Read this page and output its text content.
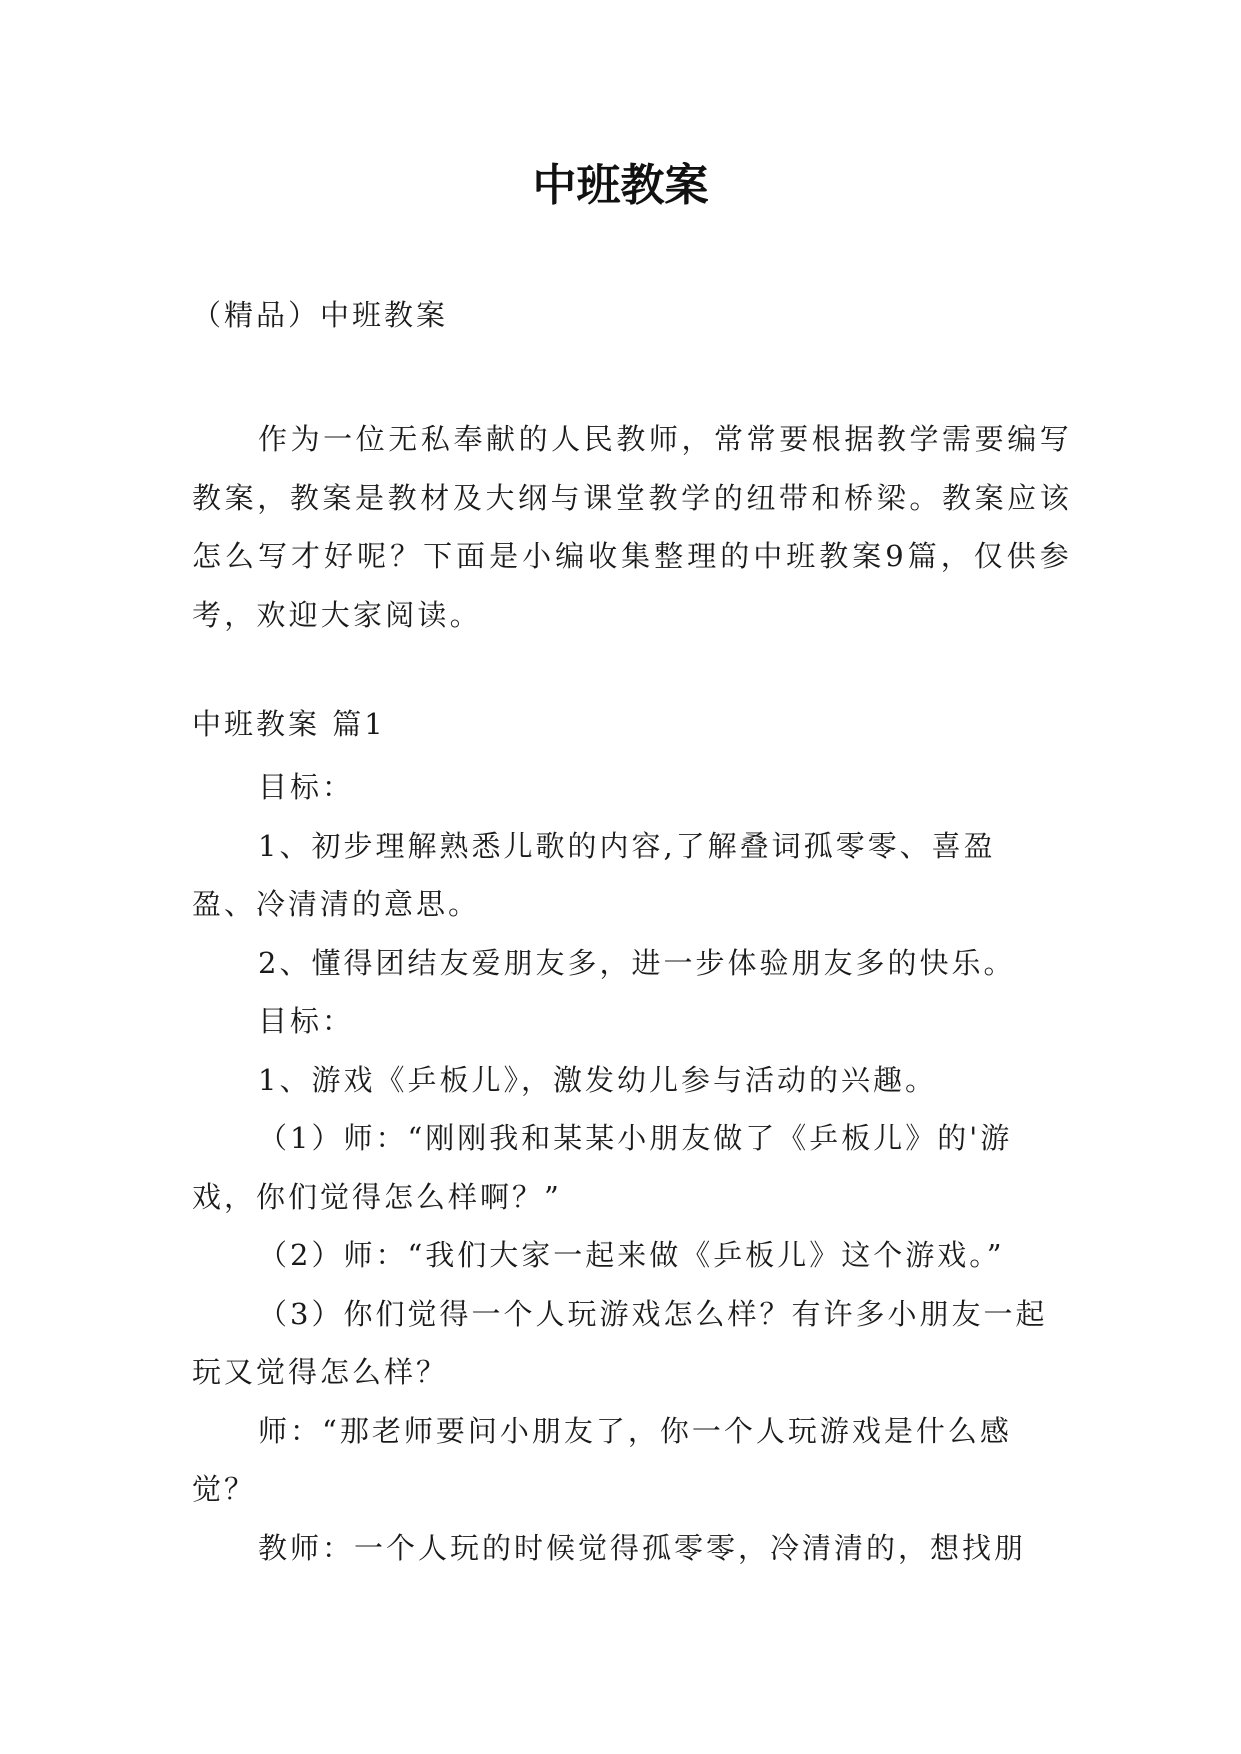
中班教案
（精品）中班教案

作为一位无私奉献的人民教师，常常要根据教学需要编写教案，教案是教材及大纲与课堂教学的纽带和桥梁。教案应该怎么写才好呢？下面是小编收集整理的中班教案9篇，仅供参考，欢迎大家阅读。

中班教案 篇1

目标：

1、初步理解熟悉儿歌的内容,了解叠词孤零零、喜盈盈、冷清清的意思。

2、懂得团结友爱朋友多，进一步体验朋友多的快乐。

目标：

1、游戏《乒板儿》，激发幼儿参与活动的兴趣。

（1）师：“刚刚我和某某小朋友做了《乒板儿》的'游戏，你们觉得怎么样啊？”

（2）师：“我们大家一起来做《乒板儿》这个游戏。”

（3）你们觉得一个人玩游戏怎么样？有许多小朋友一起玩又觉得怎么样？

师：“那老师要问小朋友了，你一个人玩游戏是什么感觉？

教师：一个人玩的时候觉得孤零零，冷清清的，想找朋
